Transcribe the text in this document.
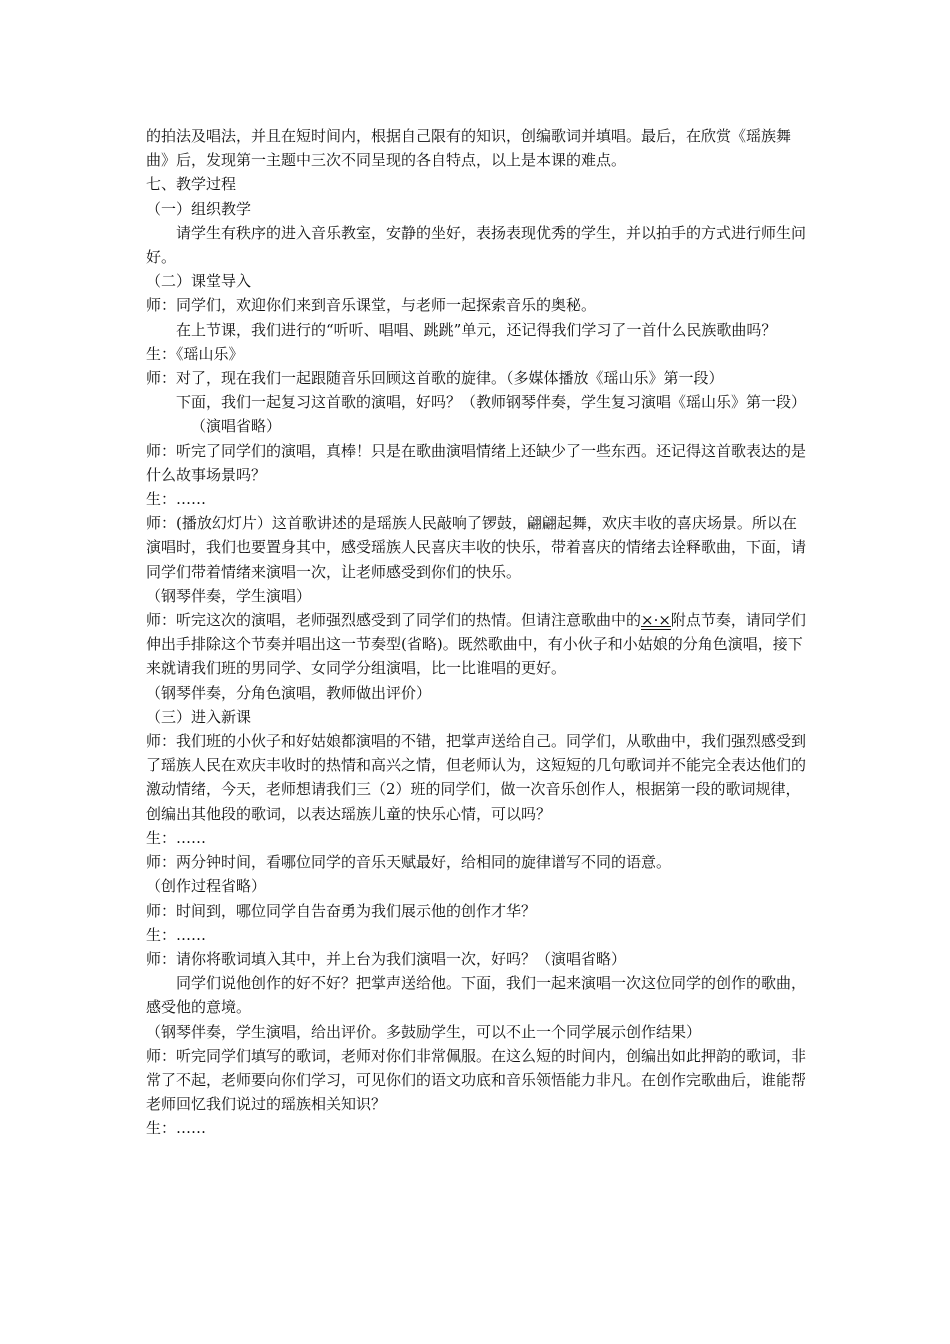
的拍法及唱法，并且在短时间内，根据自己限有的知识，创编歌词并填唱。最后，在欣赏《瑶族舞曲》后，发现第一主题中三次不同呈现的各自特点，以上是本课的难点。

七、教学过程

（一）组织教学

请学生有秩序的进入音乐教室，安静的坐好，表扬表现优秀的学生，并以拍手的方式进行师生问好。

（二）课堂导入

师：同学们，欢迎你们来到音乐课堂，与老师一起探索音乐的奥秘。

在上节课，我们进行的“听听、唱唱、跳跳”单元，还记得我们学习了一首什么民族歌曲吗？

生：《瑶山乐》

师：对了，现在我们一起跟随音乐回顾这首歌的旋律。（多媒体播放《瑶山乐》第一段）

下面，我们一起复习这首歌的演唱，好吗？（教师钢琴伴奏，学生复习演唱《瑶山乐》第一段）

（演唱省略）

师：听完了同学们的演唱，真棒！只是在歌曲演唱情绪上还缺少了一些东西。还记得这首歌表达的是什么故事场景吗？

生：……

师：(播放幻灯片）这首歌讲述的是瑶族人民敲响了锣鼓，翩翩起舞，欢庆丰收的喜庆场景。所以在演唱时，我们也要置身其中，感受瑶族人民喜庆丰收的快乐，带着喜庆的情绪去诠释歌曲，下面，请同学们带着情绪来演唱一次，让老师感受到你们的快乐。

（钢琴伴奏，学生演唱）

师：听完这次的演唱，老师强烈感受到了同学们的热情。但请注意歌曲中的×·×附点节奏，请同学们伸出手排除这个节奏并唱出这一节奏型(省略)。既然歌曲中，有小伙子和小姑娘的分角色演唱，接下来就请我们班的男同学、女同学分组演唱，比一比谁唱的更好。

（钢琴伴奏，分角色演唱，教师做出评价）

（三）进入新课

师：我们班的小伙子和好姑娘都演唱的不错，把掌声送给自己。同学们，从歌曲中，我们强烈感受到了瑶族人民在欢庆丰收时的热情和高兴之情，但老师认为，这短短的几句歌词并不能完全表达他们的激动情绪，今天，老师想请我们三（2）班的同学们，做一次音乐创作人，根据第一段的歌词规律，创编出其他段的歌词，以表达瑶族儿童的快乐心情，可以吗？

生：……

师：两分钟时间，看哪位同学的音乐天赋最好，给相同的旋律谱写不同的语意。

（创作过程省略）

师：时间到，哪位同学自告奋勇为我们展示他的创作才华？

生：……

师：请你将歌词填入其中，并上台为我们演唱一次，好吗？（演唱省略）

同学们说他创作的好不好？把掌声送给他。下面，我们一起来演唱一次这位同学的创作的歌曲，感受他的意境。

（钢琴伴奏，学生演唱，给出评价。多鼓励学生，可以不止一个同学展示创作结果）

师：听完同学们填写的歌词，老师对你们非常佩服。在这么短的时间内，创编出如此押韵的歌词，非常了不起，老师要向你们学习，可见你们的语文功底和音乐领悟能力非凡。在创作完歌曲后，谁能帮老师回忆我们说过的瑶族相关知识？

生：……
